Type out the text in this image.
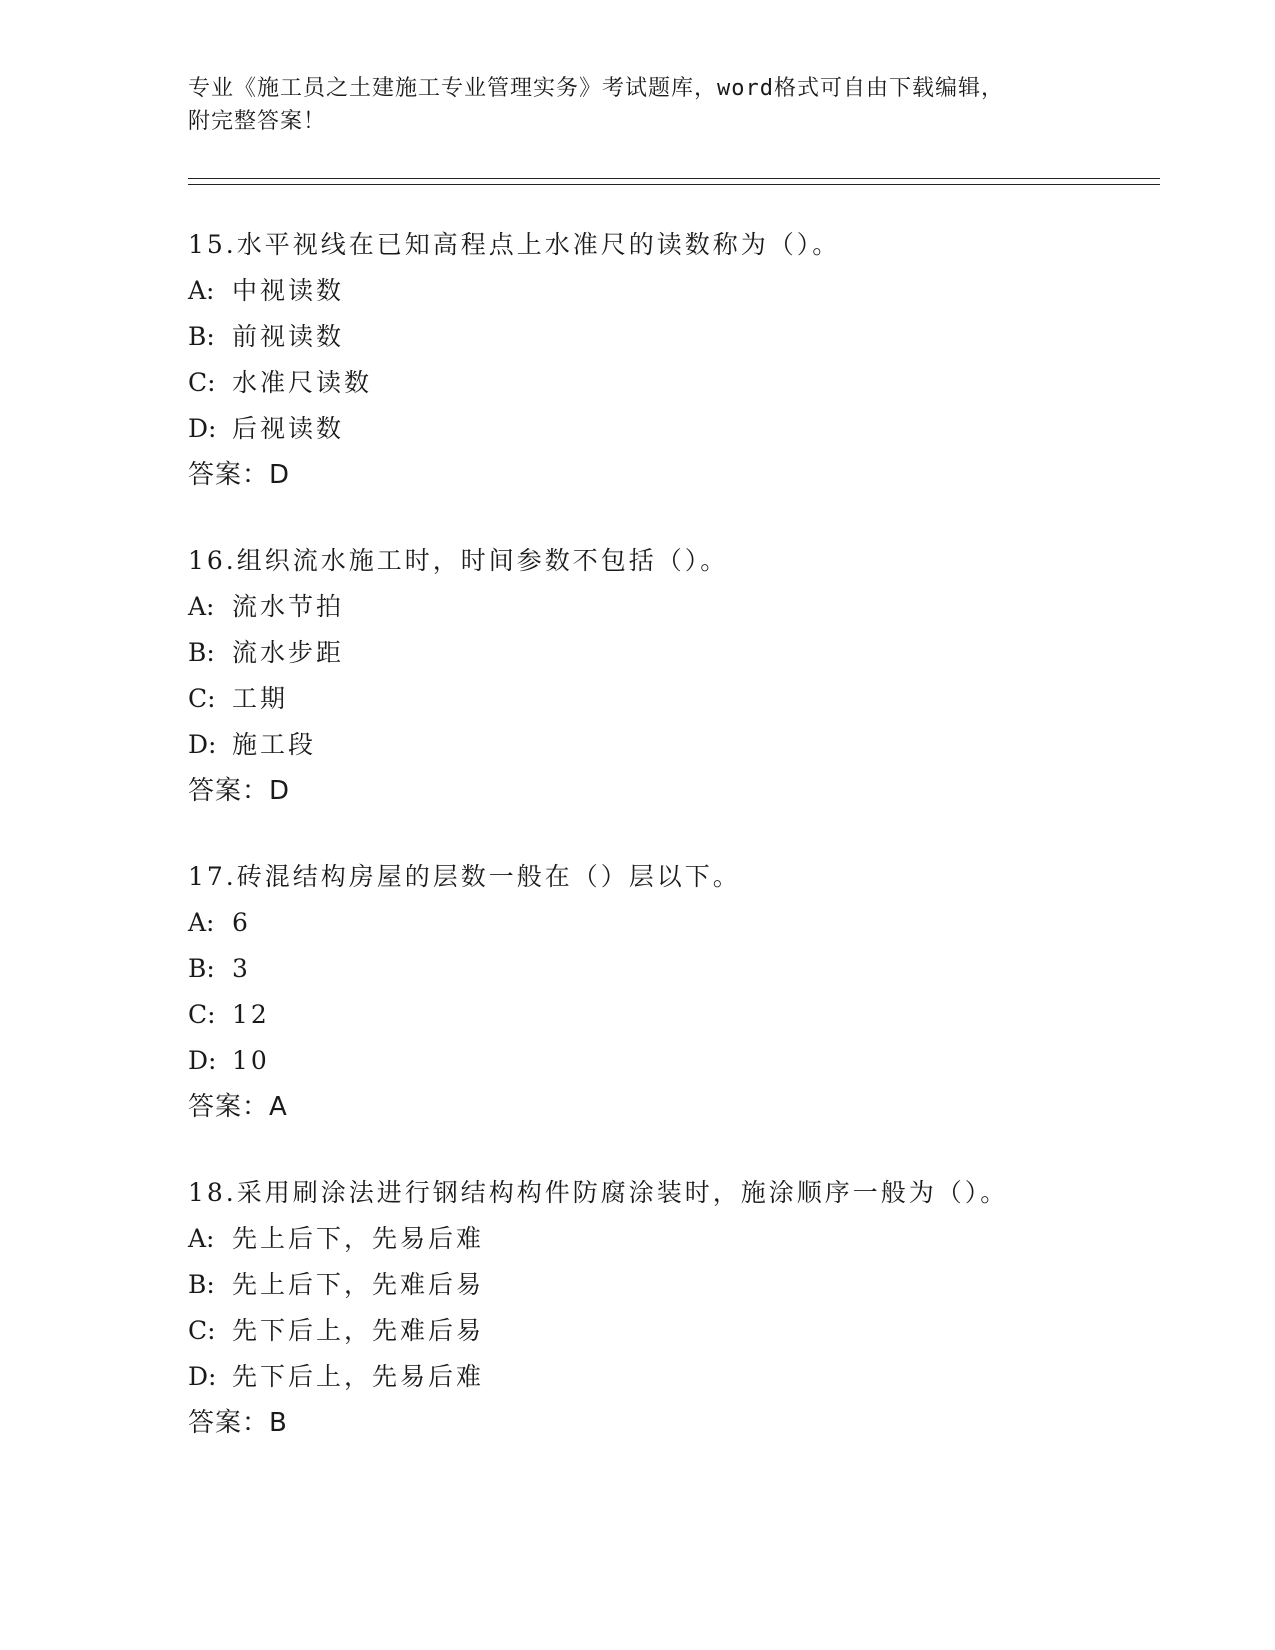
专业《施工员之土建施工专业管理实务》考试题库，word格式可自由下载编辑，
附完整答案！
15.水平视线在已知高程点上水准尺的读数称为（）。
A: 中视读数
B: 前视读数
C: 水准尺读数
D: 后视读数
答案：D
16.组织流水施工时，时间参数不包括（）。
A: 流水节拍
B: 流水步距
C: 工期
D: 施工段
答案：D
17.砖混结构房屋的层数一般在（）层以下。
A: 6
B: 3
C: 12
D: 10
答案：A
18.采用刷涂法进行钢结构构件防腐涂装时，施涂顺序一般为（）。
A: 先上后下，先易后难
B: 先上后下，先难后易
C: 先下后上，先难后易
D: 先下后上，先易后难
答案：B
